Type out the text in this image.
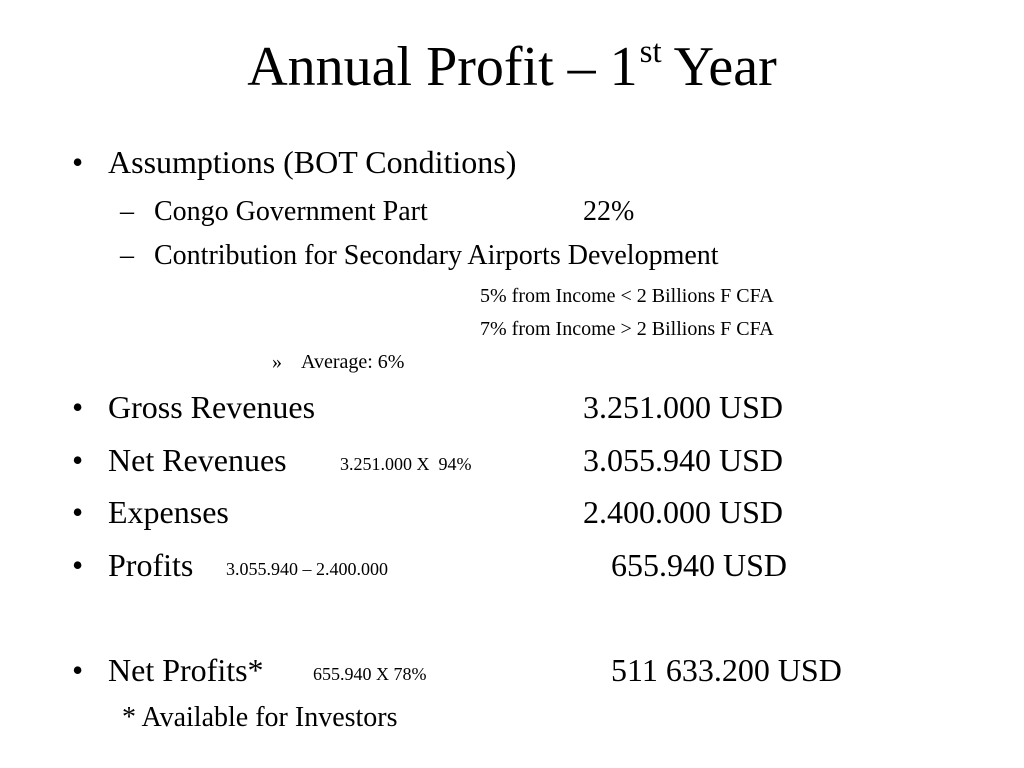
Annual Profit – 1st Year
• Assumptions (BOT Conditions)
– Congo Government Part	22%
– Contribution for Secondary Airports Development
5% from Income < 2 Billions F CFA
7% from Income > 2 Billions F CFA
» Average: 6%
• Gross Revenues	3.251.000 USD
• Net Revenues	3.251.000 X  94%	3.055.940 USD
• Expenses	2.400.000 USD
• Profits 3.055.940 – 2.400.000	655.940 USD
• Net Profits*	655.940 X 78%	511 633.200 USD
* Available for Investors
